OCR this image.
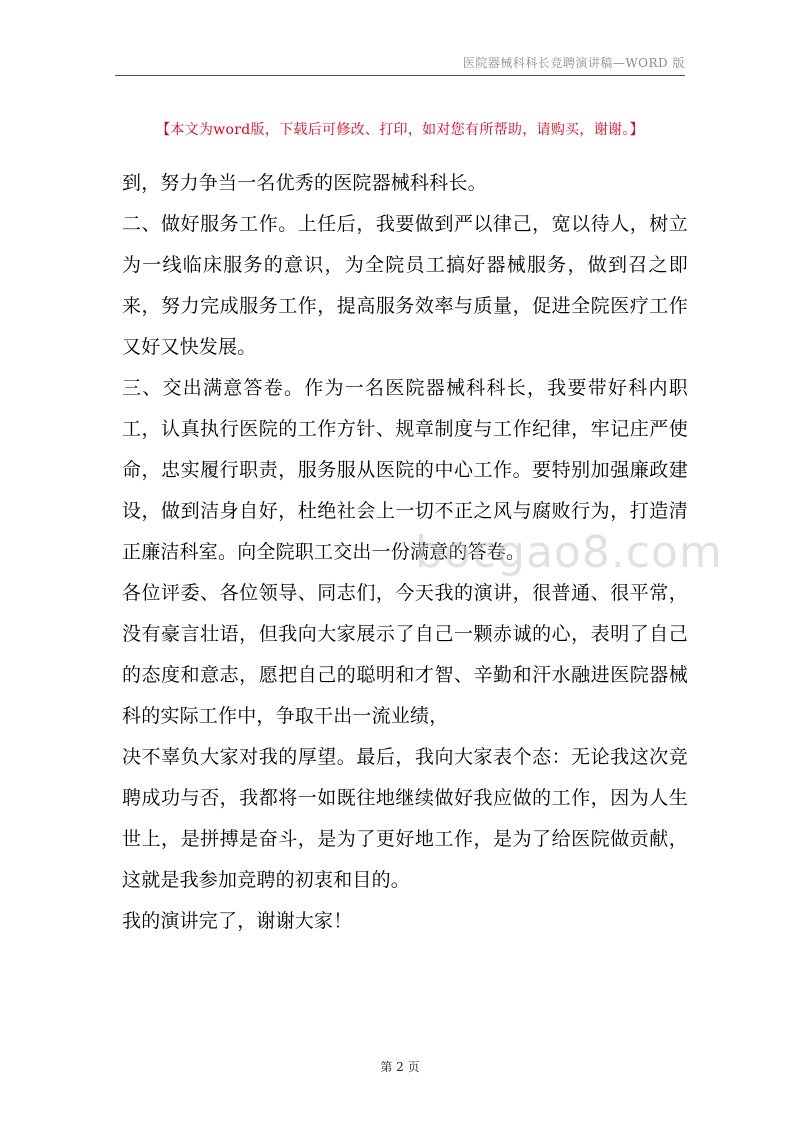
医院器械科科长竞聘演讲稿—WORD 版
【本文为word版，下载后可修改、打印，如对您有所帮助，请购买，谢谢。】

到，努力争当一名优秀的医院器械科科长。

二、做好服务工作。上任后，我要做到严以律己，宽以待人，树立为一线临床服务的意识，为全院员工搞好器械服务，做到召之即来，努力完成服务工作，提高服务效率与质量，促进全院医疗工作又好又快发展。

三、交出满意答卷。作为一名医院器械科科长，我要带好科内职工，认真执行医院的工作方针、规章制度与工作纪律，牢记庄严使命，忠实履行职责，服务服从医院的中心工作。要特别加强廉政建设，做到洁身自好，杜绝社会上一切不正之风与腐败行为，打造清正廉洁科室。向全院职工交出一份满意的答卷。

各位评委、各位领导、同志们，今天我的演讲，很普通、很平常，没有豪言壮语，但我向大家展示了自己一颗赤诚的心，表明了自己的态度和意志，愿把自己的聪明和才智、辛勤和汗水融进医院器械科的实际工作中，争取干出一流业绩，

决不辜负大家对我的厚望。最后，我向大家表个态：无论我这次竞聘成功与否，我都将一如既往地继续做好我应做的工作，因为人生世上，是拼搏是奋斗，是为了更好地工作，是为了给医院做贡献，这就是我参加竞聘的初衷和目的。

我的演讲完了，谢谢大家！

bocgao8.com
第 2 页
